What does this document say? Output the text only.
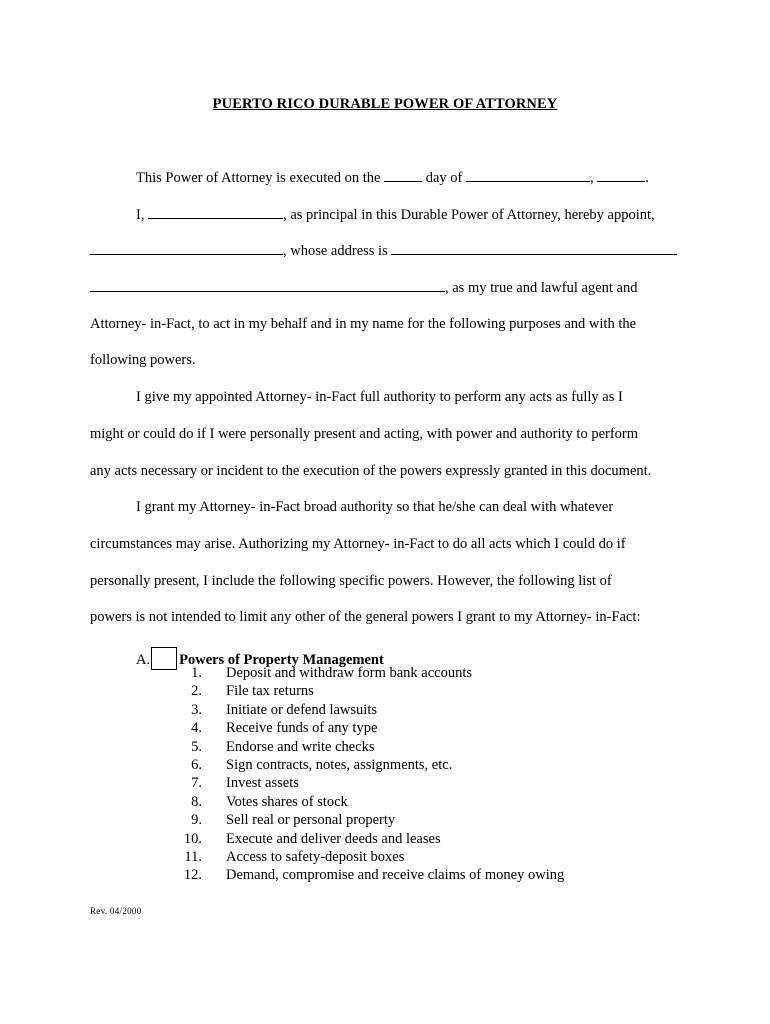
PUERTO RICO DURABLE POWER OF ATTORNEY
This Power of Attorney is executed on the	day of	,	.
I,	, as principal in this Durable Power of Attorney, hereby appoint,
, whose address is
, as my true and lawful agent and
Attorney- in-Fact, to act in my behalf and in my name for the following purposes and with the
following powers.
I give my appointed Attorney- in-Fact full authority to perform any acts as fully as I
might or could do if I were personally present and acting, with power and authority to perform
any acts necessary or incident to the execution of the powers expressly granted in this document.
I grant my Attorney- in-Fact broad authority so that he/she can deal with whatever
circumstances may arise. Authorizing my Attorney- in-Fact to do all acts which I could do if
personally present, I include the following specific powers. However, the following list of
powers is not intended to limit any other of the general powers I grant to my Attorney- in-Fact:
A. Powers of Property Management
1. Deposit and withdraw form bank accounts
2. File tax returns
3. Initiate or defend lawsuits
4. Receive funds of any type
5. Endorse and write checks
6. Sign contracts, notes, assignments, etc.
7. Invest assets
8. Votes shares of stock
9. Sell real or personal property
10. Execute and deliver deeds and leases
11. Access to safety-deposit boxes
12. Demand, compromise and receive claims of money owing
Rev. 04/2000
